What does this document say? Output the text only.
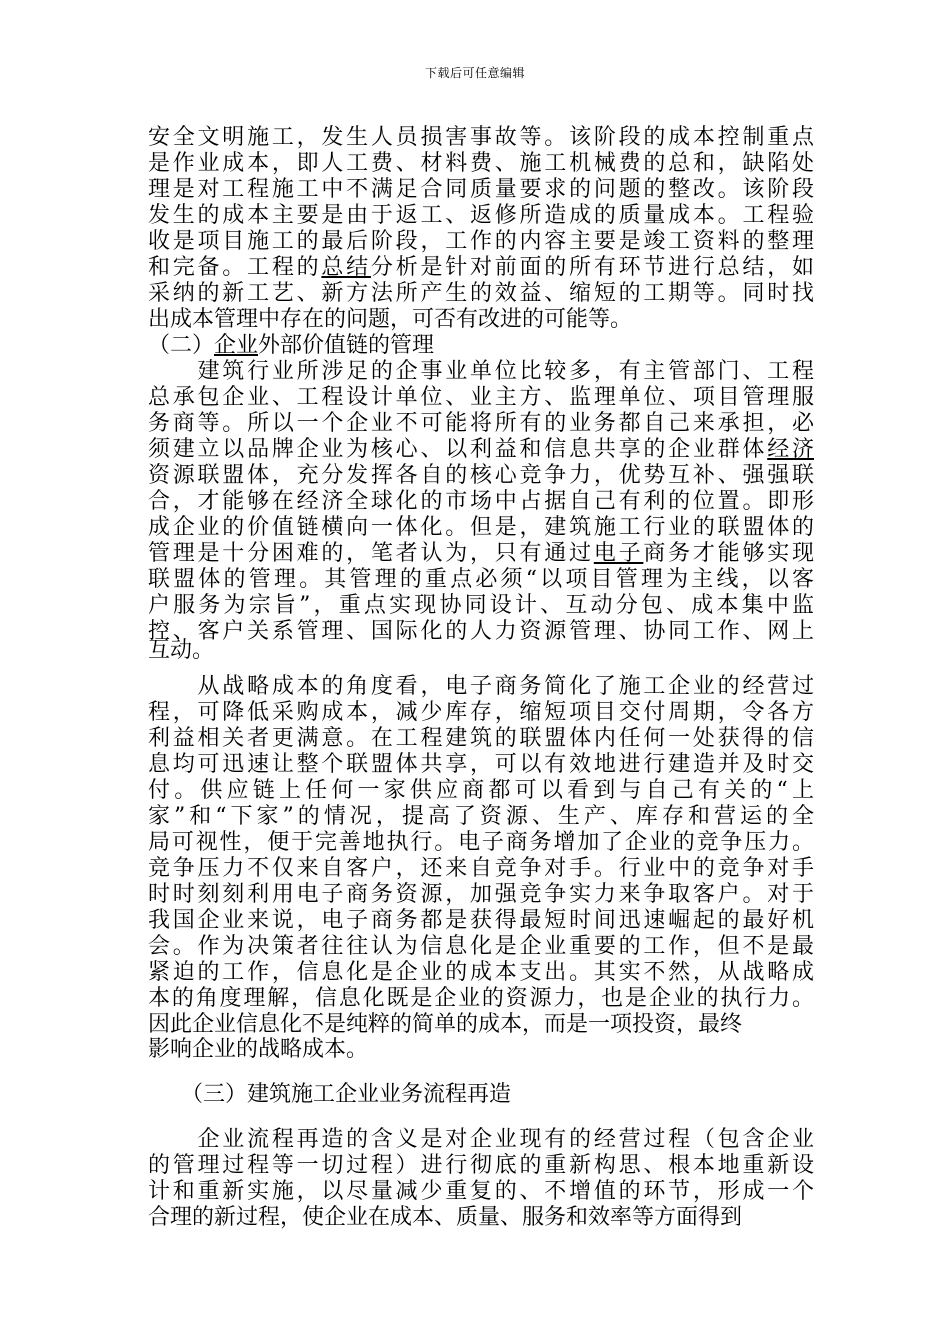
下载后可任意编辑
安全文明施工，发生人员损害事故等。该阶段的成本控制重点
是作业成本，即人工费、材料费、施工机械费的总和，缺陷处
理是对工程施工中不满足合同质量要求的问题的整改。该阶段
发生的成本主要是由于返工、返修所造成的质量成本。工程验
收是项目施工的最后阶段，工作的内容主要是竣工资料的整理
和完备。工程的总结分析是针对前面的所有环节进行总结，如
采纳的新工艺、新方法所产生的效益、缩短的工期等。同时找
出成本管理中存在的问题，可否有改进的可能等。
（二）企业外部价值链的管理
　　建筑行业所涉足的企事业单位比较多，有主管部门、工程
总承包企业、工程设计单位、业主方、监理单位、项目管理服
务商等。所以一个企业不可能将所有的业务都自己来承担，必
须建立以品牌企业为核心、以利益和信息共享的企业群体经济
资源联盟体，充分发挥各自的核心竞争力，优势互补、强强联
合，才能够在经济全球化的市场中占据自己有利的位置。即形
成企业的价值链横向一体化。但是，建筑施工行业的联盟体的
管理是十分困难的，笔者认为，只有通过电子商务才能够实现
联盟体的管理。其管理的重点必须“以项目管理为主线，以客
户服务为宗旨”，重点实现协同设计、互动分包、成本集中监
控、客户关系管理、国际化的人力资源管理、协同工作、网上
互动。
　　从战略成本的角度看，电子商务简化了施工企业的经营过
程，可降低采购成本，减少库存，缩短项目交付周期，令各方
利益相关者更满意。在工程建筑的联盟体内任何一处获得的信
息均可迅速让整个联盟体共享，可以有效地进行建造并及时交
付。供应链上任何一家供应商都可以看到与自己有关的“上
家”和“下家”的情况，提高了资源、生产、库存和营运的全
局可视性，便于完善地执行。电子商务增加了企业的竞争压力。
竞争压力不仅来自客户，还来自竞争对手。行业中的竞争对手
时时刻刻利用电子商务资源，加强竞争实力来争取客户。对于
我国企业来说，电子商务都是获得最短时间迅速崛起的最好机
会。作为决策者往往认为信息化是企业重要的工作，但不是最
紧迫的工作，信息化是企业的成本支出。其实不然，从战略成
本的角度理解，信息化既是企业的资源力，也是企业的执行力。
因此企业信息化不是纯粹的简单的成本，而是一项投资，最终
影响企业的战略成本。
　　（三）建筑施工企业业务流程再造
　　企业流程再造的含义是对企业现有的经营过程（包含企业
的管理过程等一切过程）进行彻底的重新构思、根本地重新设
计和重新实施，以尽量减少重复的、不增值的环节，形成一个
合理的新过程，使企业在成本、质量、服务和效率等方面得到
